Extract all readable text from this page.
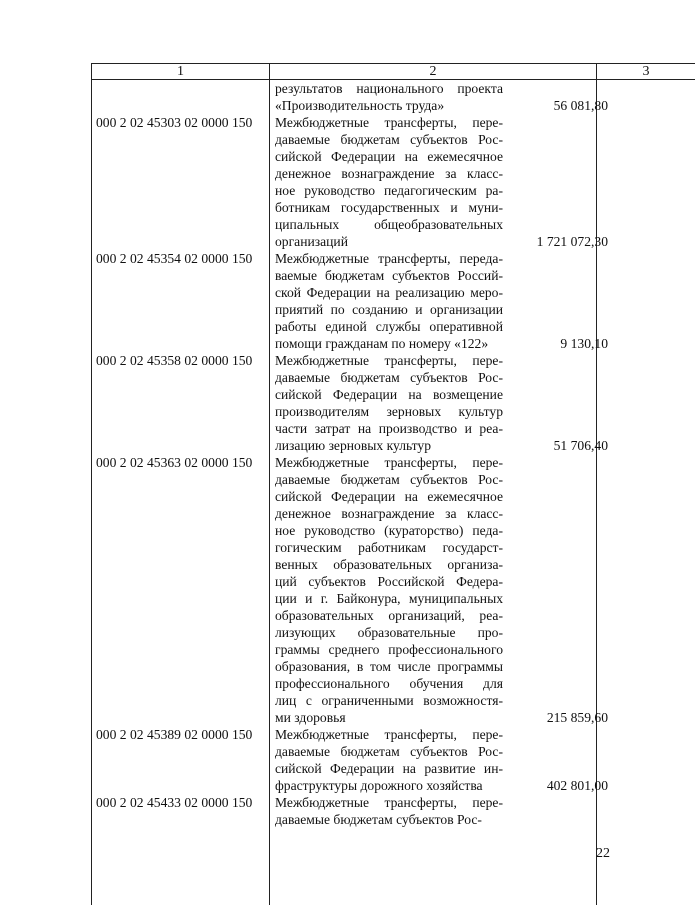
1	2	3
результатов национального проекта
«Производительность труда»	56 081,80
000 2 02 45303 02 0000 150	Межбюджетные трансферты, пере-
даваемые бюджетам субъектов Рос-
сийской Федерации на ежемесячное
денежное вознаграждение за класс-
ное руководство педагогическим ра-
ботникам государственных и муни-
ципальных общеобразовательных
организаций	1 721 072,30
000 2 02 45354 02 0000 150	Межбюджетные трансферты, переда-
ваемые бюджетам субъектов Россий-
ской Федерации на реализацию меро-
приятий по созданию и организации
работы единой службы оперативной
помощи гражданам по номеру «122»	9 130,10
000 2 02 45358 02 0000 150	Межбюджетные трансферты, пере-
даваемые бюджетам субъектов Рос-
сийской Федерации на возмещение
производителям зерновых культур
части затрат на производство и реа-
лизацию зерновых культур	51 706,40
000 2 02 45363 02 0000 150	Межбюджетные трансферты, пере-
даваемые бюджетам субъектов Рос-
сийской Федерации на ежемесячное
денежное вознаграждение за класс-
ное руководство (кураторство) педа-
гогическим работникам государст-
венных образовательных организа-
ций субъектов Российской Федера-
ции и г. Байконура, муниципальных
образовательных организаций, реа-
лизующих образовательные про-
граммы среднего профессионального
образования, в том числе программы
профессионального обучения для
лиц с ограниченными возможностя-
ми здоровья	215 859,60
000 2 02 45389 02 0000 150	Межбюджетные трансферты, пере-
даваемые бюджетам субъектов Рос-
сийской Федерации на развитие ин-
фраструктуры дорожного хозяйства	402 801,00
000 2 02 45433 02 0000 150	Межбюджетные трансферты, пере-
даваемые бюджетам субъектов Рос-
22
